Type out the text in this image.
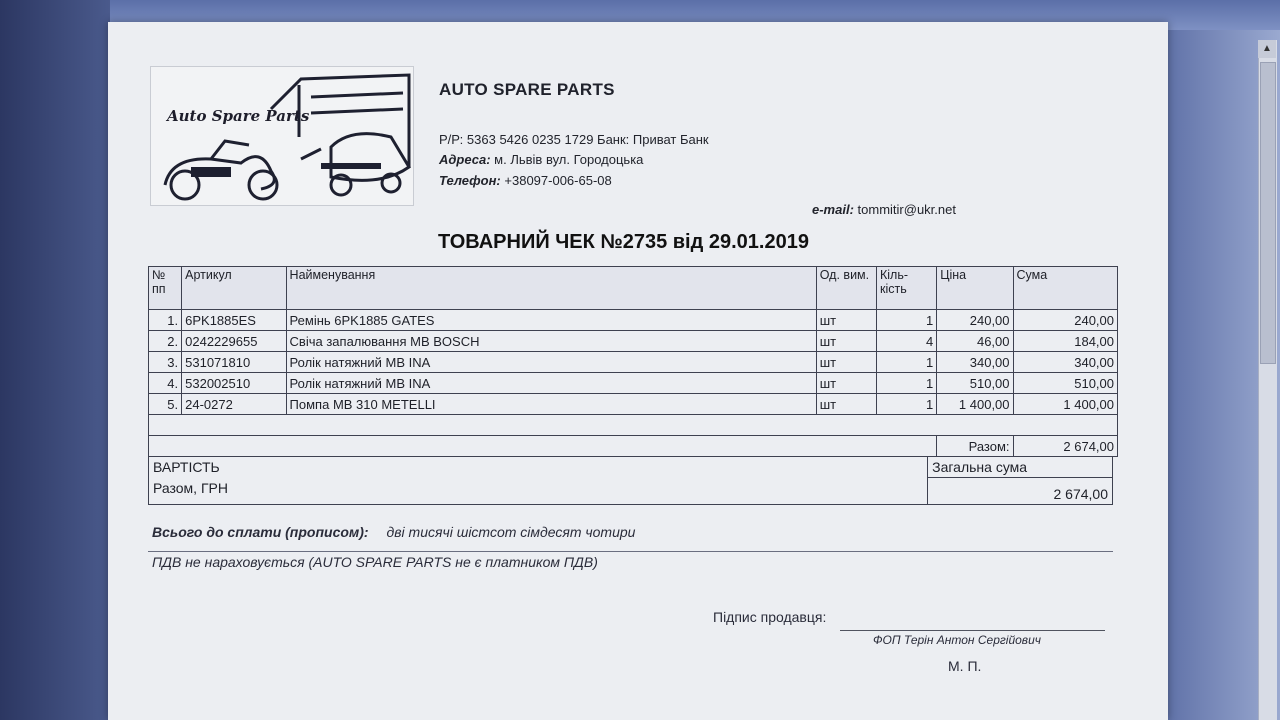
▲
Auto Spare Parts
AUTO SPARE PARTS
Р/Р: 5363 5426 0235 1729 Банк: Приват Банк
Адреса: м. Львів вул. Городоцька
Телефон: +38097-006-65-08
e-mail: tommitir@ukr.net
ТОВАРНИЙ ЧЕК №2735 від 29.01.2019
№ пп	Артикул	Найменування	Од. вим.	Кіль-кість	Ціна	Сума
1.	6PK1885ES	Ремінь 6PK1885 GATES	шт	1	240,00	240,00
2.	0242229655	Свіча запалювання MB BOSCH	шт	4	46,00	184,00
3.	531071810	Ролік натяжний MB INA	шт	1	340,00	340,00
4.	532002510	Ролік натяжний MB INA	шт	1	510,00	510,00
5.	24-0272	Помпа MB 310 METELLI	шт	1	1 400,00	1 400,00

					Разом:	2 674,00
ВАРТІСТЬ	Загальна сума
Разом, ГРН	2 674,00
Всього до сплати (прописом): дві тисячі шістсот сімдесят чотири
ПДВ не нараховується (AUTO SPARE PARTS не є платником ПДВ)
Підпис продавця:
ФОП Терін Антон Сергійович
М. П.
